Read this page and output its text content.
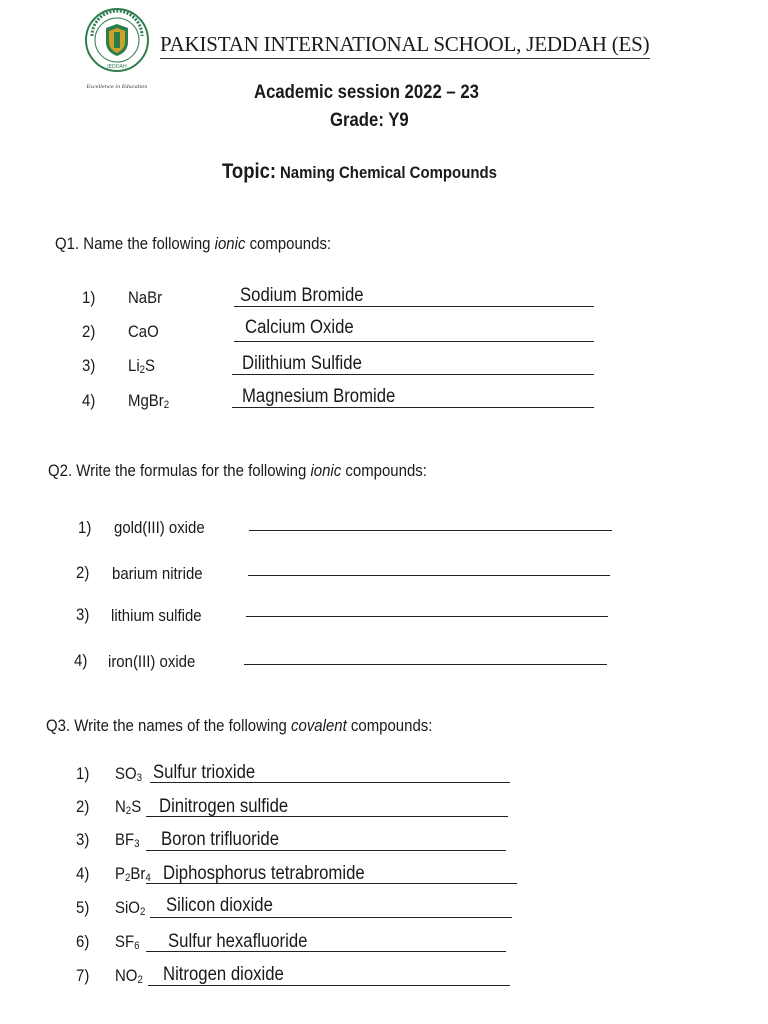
JEDDAH
Excellence in Education
PAKISTAN INTERNATIONAL SCHOOL, JEDDAH (ES)
Academic session 2022 – 23
Grade: Y9
Topic: Naming Chemical Compounds
Q1. Name the following ionic compounds:
1) NaBr	Sodium Bromide
2) CaO	Calcium Oxide
3) $Li_2S$	Dilithium Sulfide
4) MgBr$_2$	Magnesium Bromide
Q2. Write the formulas for the following ionic compounds:
1) gold(III) oxide
2) barium nitride
3) lithium sulfide
4) iron(III) oxide
Q3. Write the names of the following covalent compounds:
1) $SO_3$ Sulfur trioxide
2) $N_2S$ Dinitrogen sulfide
3) $BF_3$ Boron trifluoride
4) $P_2Br_4$ Diphosphorus tetrabromide
5) SiO$_2$ Silicon dioxide
6) $SF_6$ Sulfur hexafluoride
7) $NO_2$ Nitrogen dioxide
